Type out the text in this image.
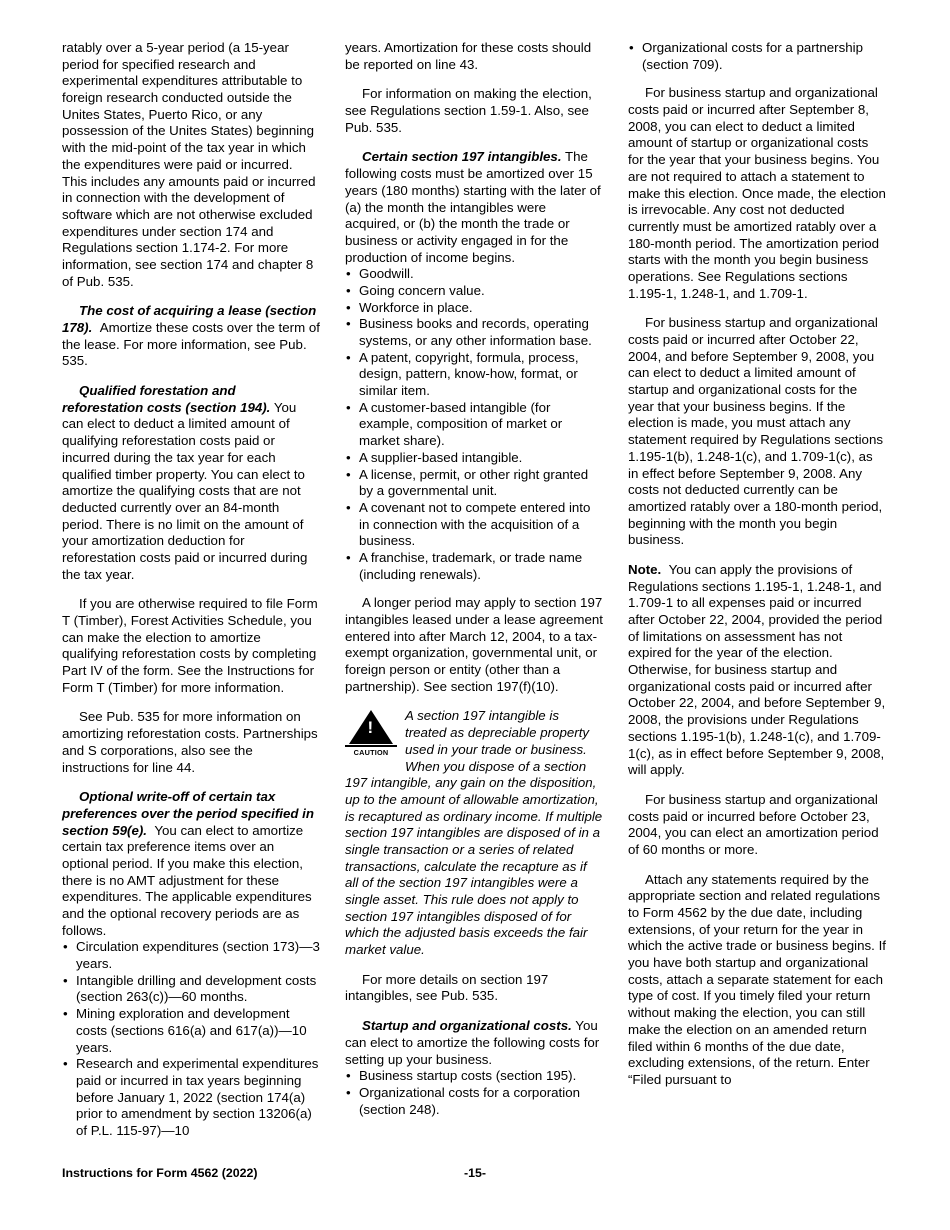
ratably over a 5-year period (a 15-year period for specified research and experimental expenditures attributable to foreign research conducted outside the Unites States, Puerto Rico, or any possession of the Unites States) beginning with the mid-point of the tax year in which the expenditures were paid or incurred. This includes any amounts paid or incurred in connection with the development of software which are not otherwise excluded expenditures under section 174 and Regulations section 1.174-2. For more information, see section 174 and chapter 8 of Pub. 535.

The cost of acquiring a lease (section 178). Amortize these costs over the term of the lease. For more information, see Pub. 535.

Qualified forestation and reforestation costs (section 194). You can elect to deduct a limited amount of qualifying reforestation costs paid or incurred during the tax year for each qualified timber property. You can elect to amortize the qualifying costs that are not deducted currently over an 84-month period. There is no limit on the amount of your amortization deduction for reforestation costs paid or incurred during the tax year.

If you are otherwise required to file Form T (Timber), Forest Activities Schedule, you can make the election to amortize qualifying reforestation costs by completing Part IV of the form. See the Instructions for Form T (Timber) for more information.

See Pub. 535 for more information on amortizing reforestation costs. Partnerships and S corporations, also see the instructions for line 44.

Optional write-off of certain tax preferences over the period specified in section 59(e). You can elect to amortize certain tax preference items over an optional period. If you make this election, there is no AMT adjustment for these expenditures. The applicable expenditures and the optional recovery periods are as follows.

• Circulation expenditures (section 173)—3 years.
• Intangible drilling and development costs (section 263(c))—60 months.
• Mining exploration and development costs (sections 616(a) and 617(a))—10 years.
• Research and experimental expenditures paid or incurred in tax years beginning before January 1, 2022 (section 174(a) prior to amendment by section 13206(a) of P.L. 115-97)—10

years. Amortization for these costs should be reported on line 43.

For information on making the election, see Regulations section 1.59-1. Also, see Pub. 535.

Certain section 197 intangibles. The following costs must be amortized over 15 years (180 months) starting with the later of (a) the month the intangibles were acquired, or (b) the month the trade or business or activity engaged in for the production of income begins.

• Goodwill.
• Going concern value.
• Workforce in place.
• Business books and records, operating systems, or any other information base.
• A patent, copyright, formula, process, design, pattern, know-how, format, or similar item.
• A customer-based intangible (for example, composition of market or market share).
• A supplier-based intangible.
• A license, permit, or other right granted by a governmental unit.
• A covenant not to compete entered into in connection with the acquisition of a business.
• A franchise, trademark, or trade name (including renewals).

A longer period may apply to section 197 intangibles leased under a lease agreement entered into after March 12, 2004, to a tax-exempt organization, governmental unit, or foreign person or entity (other than a partnership). See section 197(f)(10).

!
CAUTION
A section 197 intangible is treated as depreciable property used in your trade or business. When you dispose of a section 197 intangible, any gain on the disposition, up to the amount of allowable amortization, is recaptured as ordinary income. If multiple section 197 intangibles are disposed of in a single transaction or a series of related transactions, calculate the recapture as if all of the section 197 intangibles were a single asset. This rule does not apply to section 197 intangibles disposed of for which the adjusted basis exceeds the fair market value.

For more details on section 197 intangibles, see Pub. 535.

Startup and organizational costs. You can elect to amortize the following costs for setting up your business.

• Business startup costs (section 195).
• Organizational costs for a corporation (section 248).
• Organizational costs for a partnership (section 709).

For business startup and organizational costs paid or incurred after September 8, 2008, you can elect to deduct a limited amount of startup or organizational costs for the year that your business begins. You are not required to attach a statement to make this election. Once made, the election is irrevocable. Any cost not deducted currently must be amortized ratably over a 180-month period. The amortization period starts with the month you begin business operations. See Regulations sections 1.195-1, 1.248-1, and 1.709-1.

For business startup and organizational costs paid or incurred after October 22, 2004, and before September 9, 2008, you can elect to deduct a limited amount of startup and organizational costs for the year that your business begins. If the election is made, you must attach any statement required by Regulations sections 1.195-1(b), 1.248-1(c), and 1.709-1(c), as in effect before September 9, 2008. Any costs not deducted currently can be amortized ratably over a 180-month period, beginning with the month you begin business.

Note. You can apply the provisions of Regulations sections 1.195-1, 1.248-1, and 1.709-1 to all expenses paid or incurred after October 22, 2004, provided the period of limitations on assessment has not expired for the year of the election. Otherwise, for business startup and organizational costs paid or incurred after October 22, 2004, and before September 9, 2008, the provisions under Regulations sections 1.195-1(b), 1.248-1(c), and 1.709-1(c), as in effect before September 9, 2008, will apply.

For business startup and organizational costs paid or incurred before October 23, 2004, you can elect an amortization period of 60 months or more.

Attach any statements required by the appropriate section and related regulations to Form 4562 by the due date, including extensions, of your return for the year in which the active trade or business begins. If you have both startup and organizational costs, attach a separate statement for each type of cost. If you timely filed your return without making the election, you can still make the election on an amended return filed within 6 months of the due date, excluding extensions, of the return. Enter “Filed pursuant to

Instructions for Form 4562 (2022)	-15-
